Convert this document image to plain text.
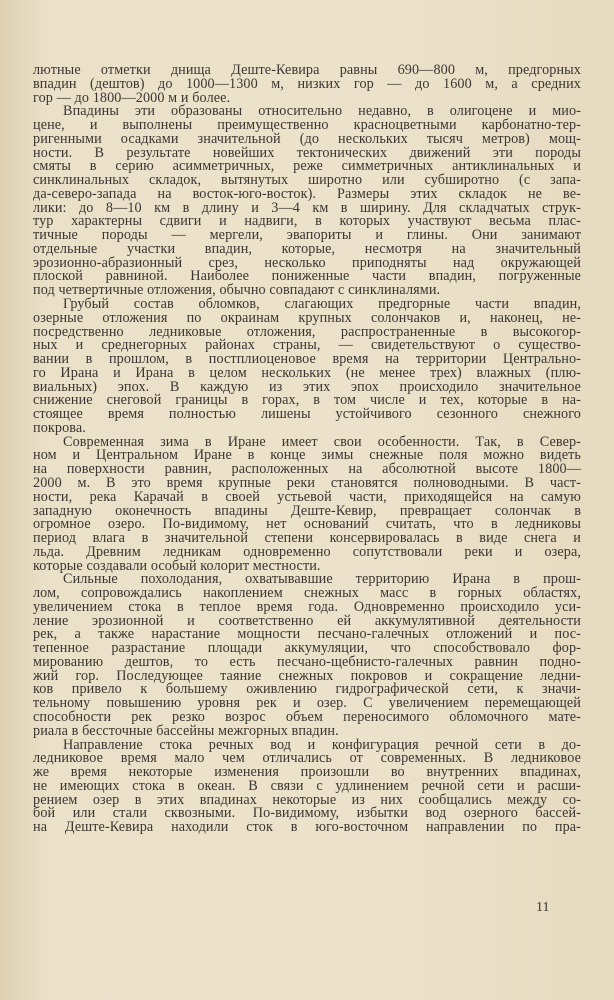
лютные отметки днища Деште-Кевира равны 690—800 м, предгорных
впадин (дештов) до 1000—1300 м, низких гор — до 1600 м, а средних
гор — до 1800—2000 м и более.
Впадины эти образованы относительно недавно, в олигоцене и мио-
цене, и выполнены преимущественно красноцветными карбонатно-тер-
ригенными осадками значительной (до нескольких тысяч метров) мощ-
ности. В результате новейших тектонических движений эти породы
смяты в серию асимметричных, реже симметричных антиклинальных и
синклинальных складок, вытянутых широтно или субширотно (с запа-
да-северо-запада на восток-юго-восток). Размеры этих складок не ве-
лики: до 8—10 км в длину и 3—4 км в ширину. Для складчатых струк-
тур характерны сдвиги и надвиги, в которых участвуют весьма плас-
тичные породы — мергели, эвапориты и глины. Они занимают
отдельные участки впадин, которые, несмотря на значительный
эрозионно-абразионный срез, несколько приподняты над окружающей
плоской равниной. Наиболее пониженные части впадин, погруженные
под четвертичные отложения, обычно совпадают с синклиналями.
Грубый состав обломков, слагающих предгорные части впадин,
озерные отложения по окраинам крупных солончаков и, наконец, не-
посредственно ледниковые отложения, распространенные в высокогор-
ных и среднегорных районах страны, — свидетельствуют о существо-
вании в прошлом, в постплиоценовое время на территории Центрально-
го Ирана и Ирана в целом нескольких (не менее трех) влажных (плю-
виальных) эпох. В каждую из этих эпох происходило значительное
снижение снеговой границы в горах, в том числе и тех, которые в на-
стоящее время полностью лишены устойчивого сезонного снежного
покрова.
Современная зима в Иране имеет свои особенности. Так, в Север-
ном и Центральном Иране в конце зимы снежные поля можно видеть
на поверхности равнин, расположенных на абсолютной высоте 1800—
2000 м. В это время крупные реки становятся полноводными. В част-
ности, река Карачай в своей устьевой части, приходящейся на самую
западную оконечность впадины Деште-Кевир, превращает солончак в
огромное озеро. По-видимому, нет оснований считать, что в ледниковы
период влага в значительной степени консервировалась в виде снега и
льда. Древним ледникам одновременно сопутствовали реки и озера,
которые создавали особый колорит местности.
Сильные похолодания, охватывавшие территорию Ирана в прош-
лом, сопровождались накоплением снежных масс в горных областях,
увеличением стока в теплое время года. Одновременно происходило уси-
ление эрозионной и соответственно ей аккумулятивной деятельности
рек, а также нарастание мощности песчано-галечных отложений и пос-
тепенное разрастание площади аккумуляции, что способствовало фор-
мированию дештов, то есть песчано-щебнисто-галечных равнин подно-
жий гор. Последующее таяние снежных покровов и сокращение ледни-
ков привело к большему оживлению гидрографической сети, к значи-
тельному повышению уровня рек и озер. С увеличением перемещающей
способности рек резко возрос объем переносимого обломочного мате-
риала в бессточные бассейны межгорных впадин.
Направление стока речных вод и конфигурация речной сети в до-
ледниковое время мало чем отличались от современных. В ледниковое
же время некоторые изменения произошли во внутренних впадинах,
не имеющих стока в океан. В связи с удлинением речной сети и расши-
рением озер в этих впадинах некоторые из них сообщались между со-
бой или стали сквозными. По-видимому, избытки вод озерного бассей-
на Деште-Кевира находили сток в юго-восточном направлении по пра-
11
